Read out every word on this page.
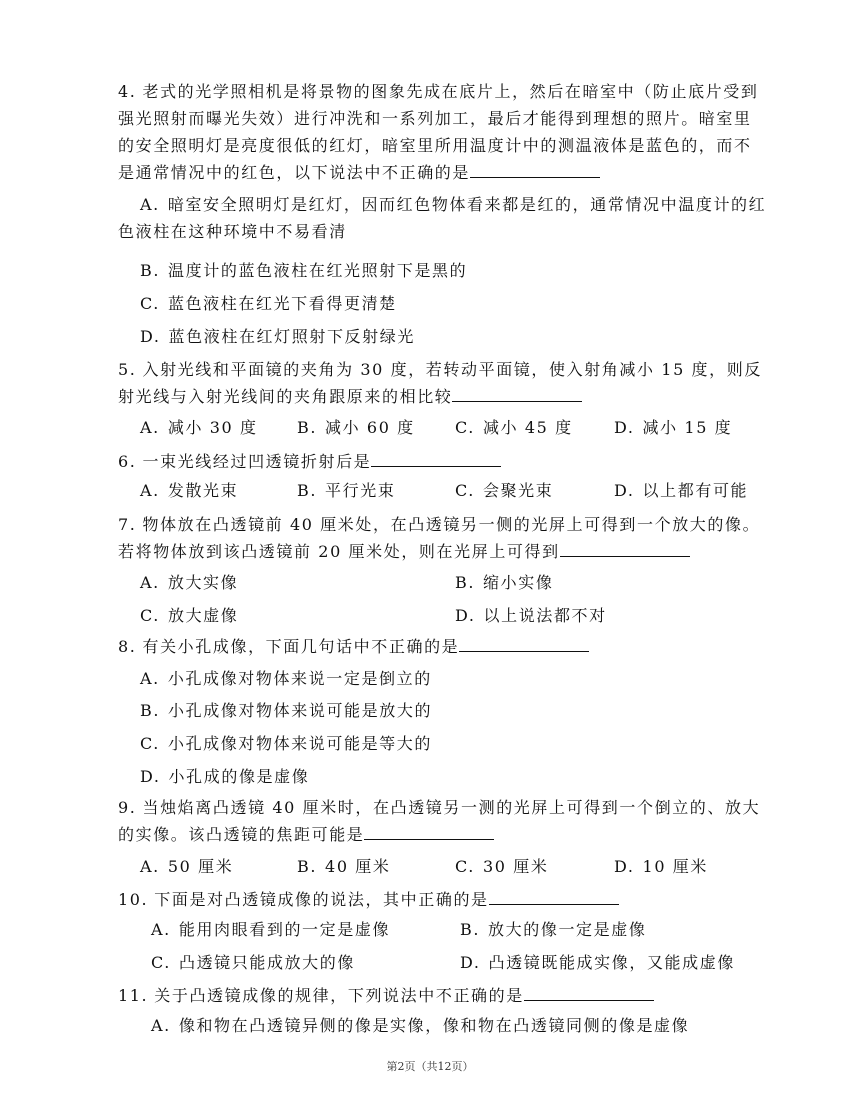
4. 老式的光学照相机是将景物的图象先成在底片上，然后在暗室中（防止底片受到强光照射而曝光失效）进行冲洗和一系列加工，最后才能得到理想的照片。暗室里的安全照明灯是亮度很低的红灯，暗室里所用温度计中的测温液体是蓝色的，而不是通常情况中的红色，以下说法中不正确的是
A. 暗室安全照明灯是红灯，因而红色物体看来都是红的，通常情况中温度计的红色液柱在这种环境中不易看清
B. 温度计的蓝色液柱在红光照射下是黑的
C. 蓝色液柱在红光下看得更清楚
D. 蓝色液柱在红灯照射下反射绿光
5. 入射光线和平面镜的夹角为 30 度，若转动平面镜，使入射角减小 15 度，则反射光线与入射光线间的夹角跟原来的相比较
A. 减小 30 度 B. 减小 60 度	C. 减小 45 度	D. 减小 15 度
6. 一束光线经过凹透镜折射后是
A. 发散光束	B. 平行光束	C. 会聚光束	D. 以上都有可能
7. 物体放在凸透镜前 40 厘米处，在凸透镜另一侧的光屏上可得到一个放大的像。若将物体放到该凸透镜前 20 厘米处，则在光屏上可得到
A. 放大实像	B. 缩小实像
C. 放大虚像	D. 以上说法都不对
8. 有关小孔成像，下面几句话中不正确的是
A. 小孔成像对物体来说一定是倒立的
B. 小孔成像对物体来说可能是放大的
C. 小孔成像对物体来说可能是等大的
D. 小孔成的像是虚像
9. 当烛焰离凸透镜 40 厘米时，在凸透镜另一测的光屏上可得到一个倒立的、放大的实像。该凸透镜的焦距可能是
A. 50 厘米	B. 40 厘米	C. 30 厘米	D. 10 厘米
10. 下面是对凸透镜成像的说法，其中正确的是
A. 能用肉眼看到的一定是虚像	B. 放大的像一定是虚像
C. 凸透镜只能成放大的像	D. 凸透镜既能成实像，又能成虚像
11. 关于凸透镜成像的规律，下列说法中不正确的是
A. 像和物在凸透镜异侧的像是实像，像和物在凸透镜同侧的像是虚像
第2页（共12页）
